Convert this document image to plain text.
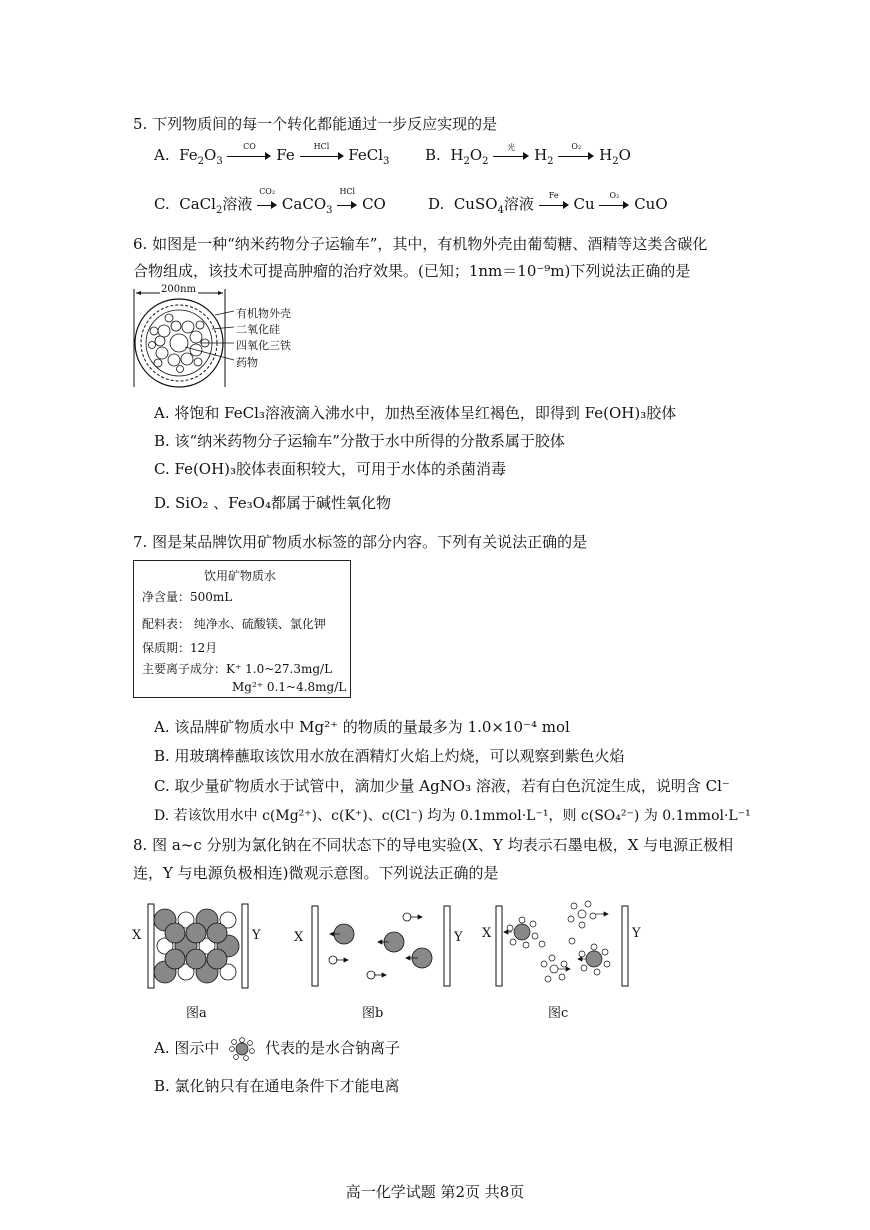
5. 下列物质间的每一个转化都能通过一步反应实现的是
A. $Fe_2O_3$
CO	Fe	HCl	FeCl$_3$ B. $H_2O_2$
光	$H_2$
O₂	$H_2O$
C. CaCl$_2$溶液
CO₂
CaCO$_3$
HCl
CO	D. CuSO$_4$溶液	Fe Cu	O₂ CuO
6. 如图是一种“纳米药物分子运输车”，其中，有机物外壳由葡萄糖、酒精等这类含碳化
合物组成，该技术可提高肿瘤的治疗效果。(已知；1nm＝10⁻⁹m)下列说法正确的是
200nm
有机物外壳
二氧化硅
四氧化三铁
药物
A. 将饱和 FeCl₃溶液滴入沸水中，加热至液体呈红褐色，即得到 Fe(OH)₃胶体
B. 该“纳米药物分子运输车”分散于水中所得的分散系属于胶体
C. Fe(OH)₃胶体表面积较大，可用于水体的杀菌消毒
D. SiO₂ 、Fe₃O₄都属于碱性氧化物
7. 图是某品牌饮用矿物质水标签的部分内容。下列有关说法正确的是
饮用矿物质水
净含量：500mL
配料表： 纯净水、硫酸镁、氯化钾
保质期：12月
主要离子成分：K⁺ 1.0~27.3mg/L
Mg²⁺ 0.1~4.8mg/L
A. 该品牌矿物质水中 Mg²⁺ 的物质的量最多为 1.0×10⁻⁴ mol
B. 用玻璃棒蘸取该饮用水放在酒精灯火焰上灼烧，可以观察到紫色火焰
C. 取少量矿物质水于试管中，滴加少量 AgNO₃ 溶液，若有白色沉淀生成，说明含 Cl⁻
D. 若该饮用水中 c(Mg²⁺)、c(K⁺)、c(Cl⁻) 均为 0.1mmol·L⁻¹，则 c(SO₄²⁻) 为 0.1mmol·L⁻¹
8. 图 a~c 分别为氯化钠在不同状态下的导电实验(X、Y 均表示石墨电极，X 与电源正极相
连，Y 与电源负极相连)微观示意图。下列说法正确的是
X	Y	X	Y X	Y
图a	图b	图c
A. 图示中	代表的是水合钠离子
B. 氯化钠只有在通电条件下才能电离
高一化学试题 第2页 共8页
